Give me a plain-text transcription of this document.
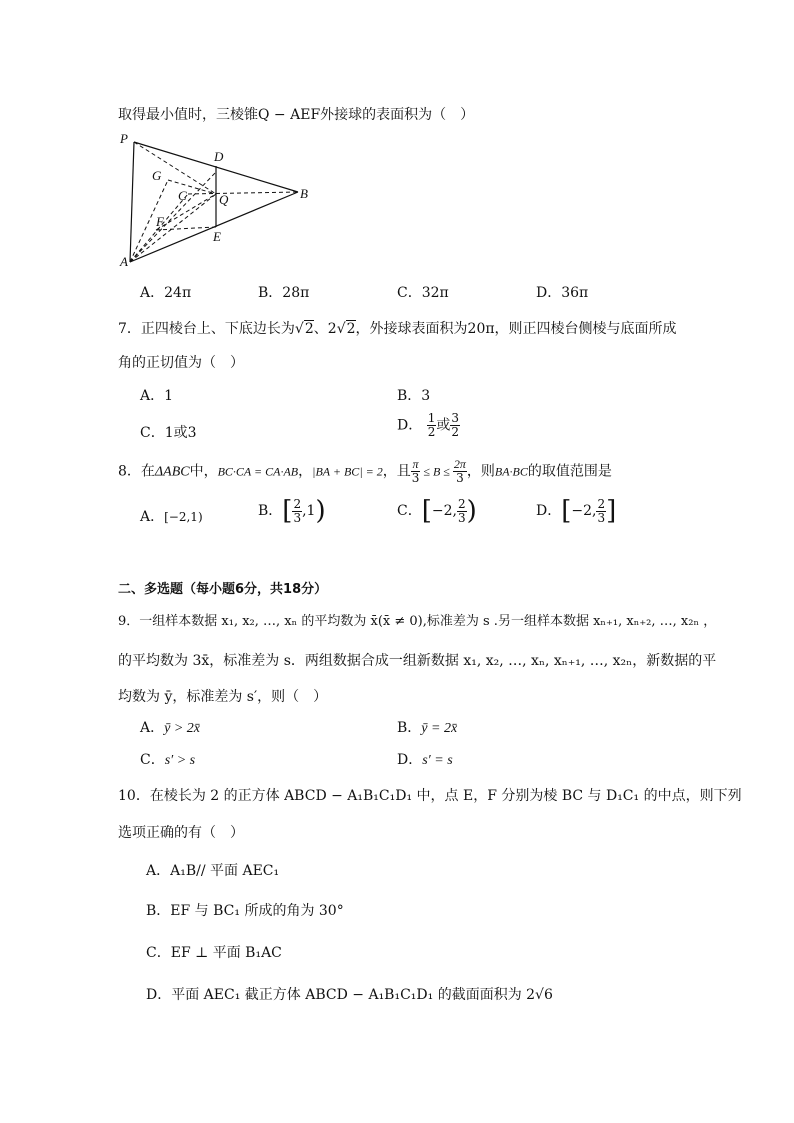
取得最小值时，三棱锥Q − AEF外接球的表面积为（　）
P
D
G
C Q	B
F
E
A
A．24π	B．28π	C．32π	D．36π
7．正四棱台上、下底边长为√2、2√2，外接球表面积为20π，则正四棱台侧棱与底面所成
角的正切值为（　）
A．1	B．3
C．1或3	D． $\frac{1}{2}$ 或 $\frac{3}{2}$
8．在ΔABC中，BC·CA = CA·AB，|BA + BC| = 2，且 $\frac{\pi}{3} \le B \le \frac{2\pi}{3}$ ，则BA·BC的取值范围是
A．[−2,1)	B．[ $\frac{2}{3} ,1$)	C．[−2, $\frac{2}{3}$ )	D．[−2, $\frac{2}{3}$ ]
二、多选题（每小题6分，共18分）
9．一组样本数据 x₁, x₂, …, xₙ 的平均数为 x̄(x̄ ≠ 0),标准差为 s .另一组样本数据 xₙ₊₁, xₙ₊₂, …, x₂ₙ ，
的平均数为 3x̄，标准差为 s．两组数据合成一组新数据 x₁, x₂, …, xₙ, xₙ₊₁, …, x₂ₙ，新数据的平
均数为 ȳ，标准差为 s′，则（　）
A．ȳ > 2x̄	B．ȳ = 2x̄
C．s′ > s	D．s′ = s
10．在棱长为 2 的正方体 ABCD − A₁B₁C₁D₁ 中，点 E，F 分别为棱 BC 与 D₁C₁ 的中点，则下列
选项正确的有（　）
A．A₁B// 平面 AEC₁
B．EF 与 BC₁ 所成的角为 30°
C．EF ⊥ 平面 B₁AC
D．平面 AEC₁ 截正方体 ABCD − A₁B₁C₁D₁ 的截面面积为 2√6
